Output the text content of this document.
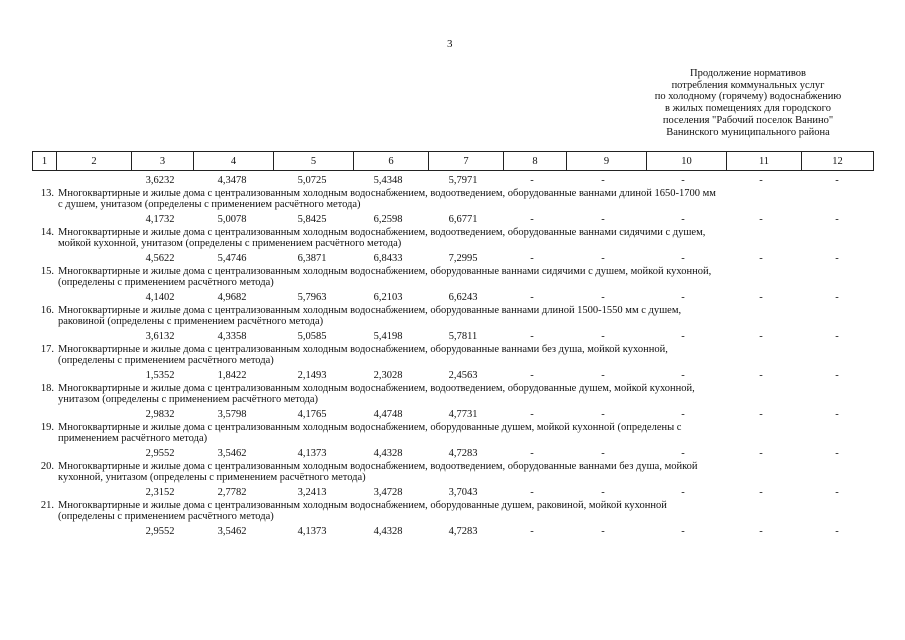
3
Продолжение нормативов
потребления коммунальных услуг
по холодному (горячему) водоснабжению
в жилых помещениях для городского
поселения "Рабочий поселок Ванино"
Ванинского муниципального района
1	2	3	4	5	6	7	8	9	10	11	12
3,6232	4,3478	5,0725	5,4348	5,7971	-	-	-	-	-
13. Многоквартирные и жилые дома с централизованным холодным водоснабжением, водоотведением, оборудованные ваннами длиной 1650-1700 мм
с душем, унитазом (определены с применением расчётного метода)
4,1732	5,0078	5,8425	6,2598	6,6771	-	-	-	-	-
14. Многоквартирные и жилые дома с централизованным холодным водоснабжением, водоотведением, оборудованные ваннами сидячими с душем,
мойкой кухонной, унитазом (определены с применением расчётного метода)
4,5622	5,4746	6,3871	6,8433	7,2995	-	-	-	-	-
15. Многоквартирные и жилые дома с централизованным холодным водоснабжением, оборудованные ваннами сидячими с душем, мойкой кухонной,
(определены с применением расчётного метода)
4,1402	4,9682	5,7963	6,2103	6,6243	-	-	-	-	-
16. Многоквартирные и жилые дома с централизованным холодным водоснабжением, оборудованные ваннами длиной 1500-1550 мм с душем,
раковиной (определены с применением расчётного метода)
3,6132	4,3358	5,0585	5,4198	5,7811	-	-	-	-	-
17. Многоквартирные и жилые дома с централизованным холодным водоснабжением, оборудованные ваннами без душа, мойкой кухонной,
(определены с применением расчётного метода)
1,5352	1,8422	2,1493	2,3028	2,4563	-	-	-	-	-
18. Многоквартирные и жилые дома с централизованным холодным водоснабжением, водоотведением, оборудованные душем, мойкой кухонной,
унитазом (определены с применением расчётного метода)
2,9832	3,5798	4,1765	4,4748	4,7731	-	-	-	-	-
19. Многоквартирные и жилые дома с централизованным холодным водоснабжением, оборудованные душем, мойкой кухонной (определены с
применением расчётного метода)
2,9552	3,5462	4,1373	4,4328	4,7283	-	-	-	-	-
20. Многоквартирные и жилые дома с централизованным холодным водоснабжением, водоотведением, оборудованные ваннами без душа, мойкой
кухонной, унитазом (определены с применением расчётного метода)
2,3152	2,7782	3,2413	3,4728	3,7043	-	-	-	-	-
21. Многоквартирные и жилые дома с централизованным холодным водоснабжением, оборудованные душем, раковиной, мойкой кухонной
(определены с применением расчётного метода)
2,9552	3,5462	4,1373	4,4328	4,7283	-	-	-	-	-
